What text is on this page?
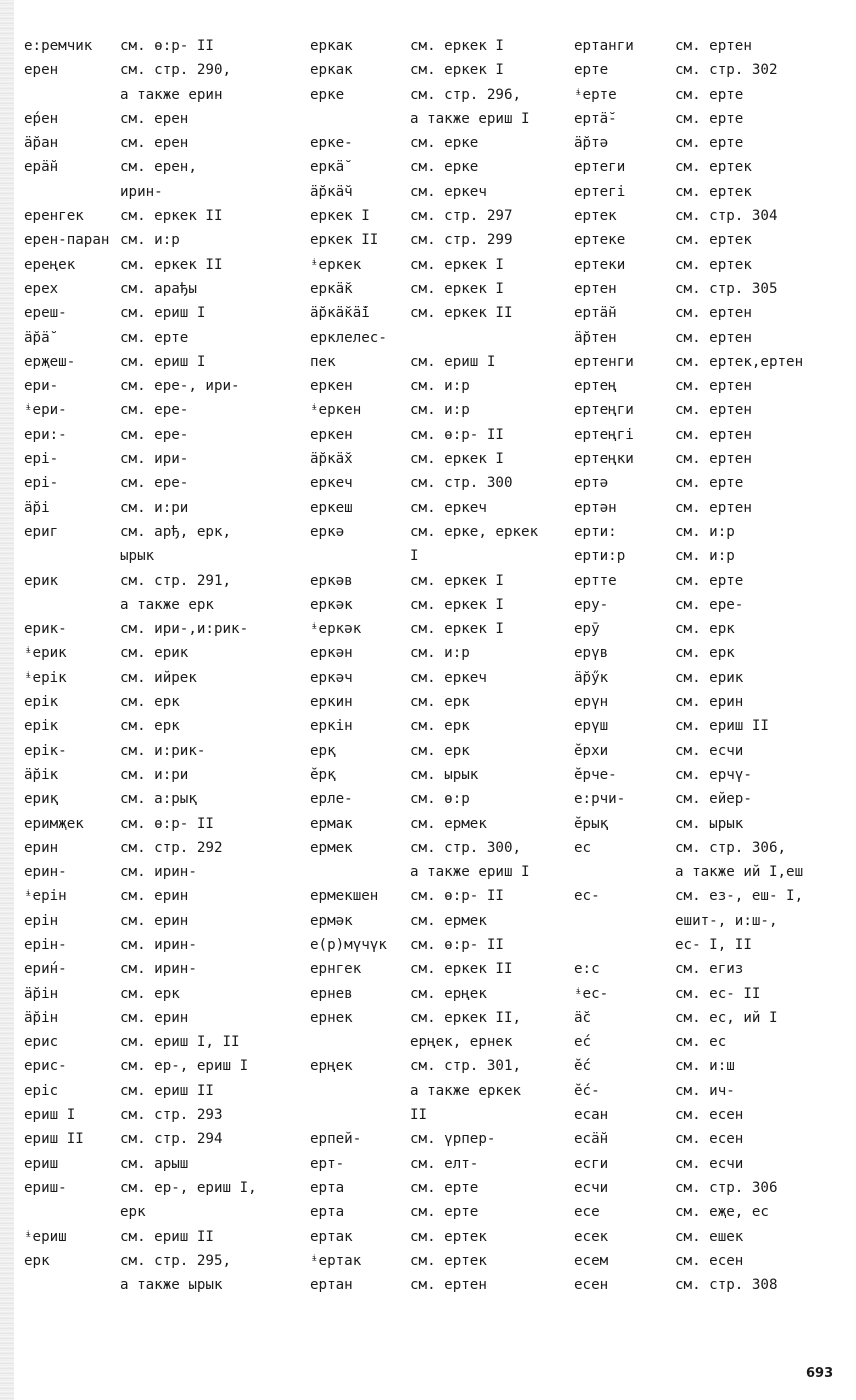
е:ремчик см. ө:р- II
ерен	см. стр. 290,
а также ерин
ер́ен	см. ерен
ӓ̆ран	см. ерен
ерӓ̆н	см. ерен,
ирин-
еренгек	см. еркек II
ерен-паран см. и:р
ереңек	см. еркек II
ерех	см. арађы
ереш-	см. ериш I
ӓ̆рӓ̆	см. ерте
ерҗеш-	см. ериш I
ери-	см. ере-, ири-
ᶤери-	см. ере-
ери:-	см. ере-
ерi-	см. ири-
ерi-	см. ере-
ӓ̆рi	см. и:ри
ериг	см. арђ, ерк,
ырык
ерик	см. стр. 291,
а также ерк
ерик-	см. ири-,и:рик-
ᶤерик	см. ерик
ᶤерiк	см. ийрек
ерiк	см. ерк
ерiк	см. ерк
ерiк-	см. и:рик-
ӓ̆рiк	см. и:ри
ериқ	см. а:рық
еримҗек	см. ө:р- II
ерин	см. стр. 292
ерин-	см. ирин-
ᶤерiн	см. ерин
ерiн	см. ерин
ерiн-	см. ирин-
ерин́-	см. ирин-
ӓ̆рiн	см. ерк
ӓ̆рiн	см. ерин
ерис	см. ериш I, II
ерис-	см. ер-, ериш I
ерiс	см. ериш II
ериш I	см. стр. 293
ериш II	см. стр. 294
ериш	см. арыш
ериш-	см. ер-, ериш I,
ерк
ᶤериш	см. ериш II
ерк	см. стр. 295,
а также ырык
еркак	см. еркек I
еркак	см. еркек I
ерке	см. стр. 296,
а также ериш I
ерке-	см. ерке
еркӓ̆	см. ерке
ӓ̆ркӓ̆ч	см. еркеч
еркек I	см. стр. 297
еркек II см. стр. 299
ᶤеркек	см. еркек I
еркӓ̆к	см. еркек I
ӓ̆ркӓ̆кӓ̆i	см. еркек II
ерклелес-
пек	см. ериш I
еркен	см. и:р
ᶤеркен	см. и:р
еркен	см. ө:р- II
ӓ̆ркӓ̆х	см. еркек I
еркеч	см. стр. 300
еркеш	см. еркеч
еркә	см. ерке, еркек
I
еркәв	см. еркек I
еркәк	см. еркек I
ᶤеркәк	см. еркек I
еркән	см. и:р
еркәч	см. еркеч
еркин	см. ерк
еркiн	см. ерк
ерқ	см. ерк
ӗрқ	см. ырык
ерле-	см. ө:р
ермак	см. ермек
ермек	см. стр. 300,
а также ериш I
ермекшен см. ө:р- II
ермәк	см. ермек
е(р)мүчүк см. ө:р- II
ернгек	см. еркек II
ернев	см. ерңек
ернек	см. еркек II,
ерңек, ернек
ерңек	см. стр. 301,
а также еркек
II
ерпей-	см. үрпер-
ерт-	см. елт-
ерта	см. ерте
ерта	см. ерте
ертак	см. ертек
ᶤертак	см. ертек
ертан	см. ертен
ертанги	см. ертен
ерте	см. стр. 302
ᶤерте	см. ерте
ертӓ̆-	см. ерте
ӓ̆ртә	см. ерте
ертеги	см. ертек
ертегi	см. ертек
ертек	см. стр. 304
ертеке	см. ертек
ертеки	см. ертек
ертен	см. стр. 305
ертӓ̆н	см. ертен
ӓ̆ртен	см. ертен
ертенги	см. ертек,ертен
ертең	см. ертен
ертеңги	см. ертен
ертеңгi	см. ертен
ертеңки	см. ертен
ертә	см. ерте
ертән	см. ертен
ерти:	см. и:р
ерти:р	см. и:р
ертте	см. ерте
еру-	см. ере-
ерӯ	см. ерк
ерүв	см. ерк
ӓ̆рӳк	см. ерик
ерүн	см. ерин
ерүш	см. ериш II
ӗрхи	см. есчи
ӗрче-	см. ерчү-
е:рчи-	см. ейер-
ӗрық	см. ырык
ес	см. стр. 306,
а также ий I,еш
ес-	см. ез-, еш- I,
ешит-, и:ш-,
ес- I, II
е:с	см. егиз
ᶤес-	см. ес- II
ӓ̆с	см. ес, ий I
ес́	см. ес
ӗс́	см. и:ш
ӗс́-	см. ич-
есан	см. есен
есӓ̆н	см. есен
есги	см. есчи
есчи	см. стр. 306
есе	см. еҗе, ес
есек	см. ешек
есем	см. есен
есен	см. стр. 308
693
